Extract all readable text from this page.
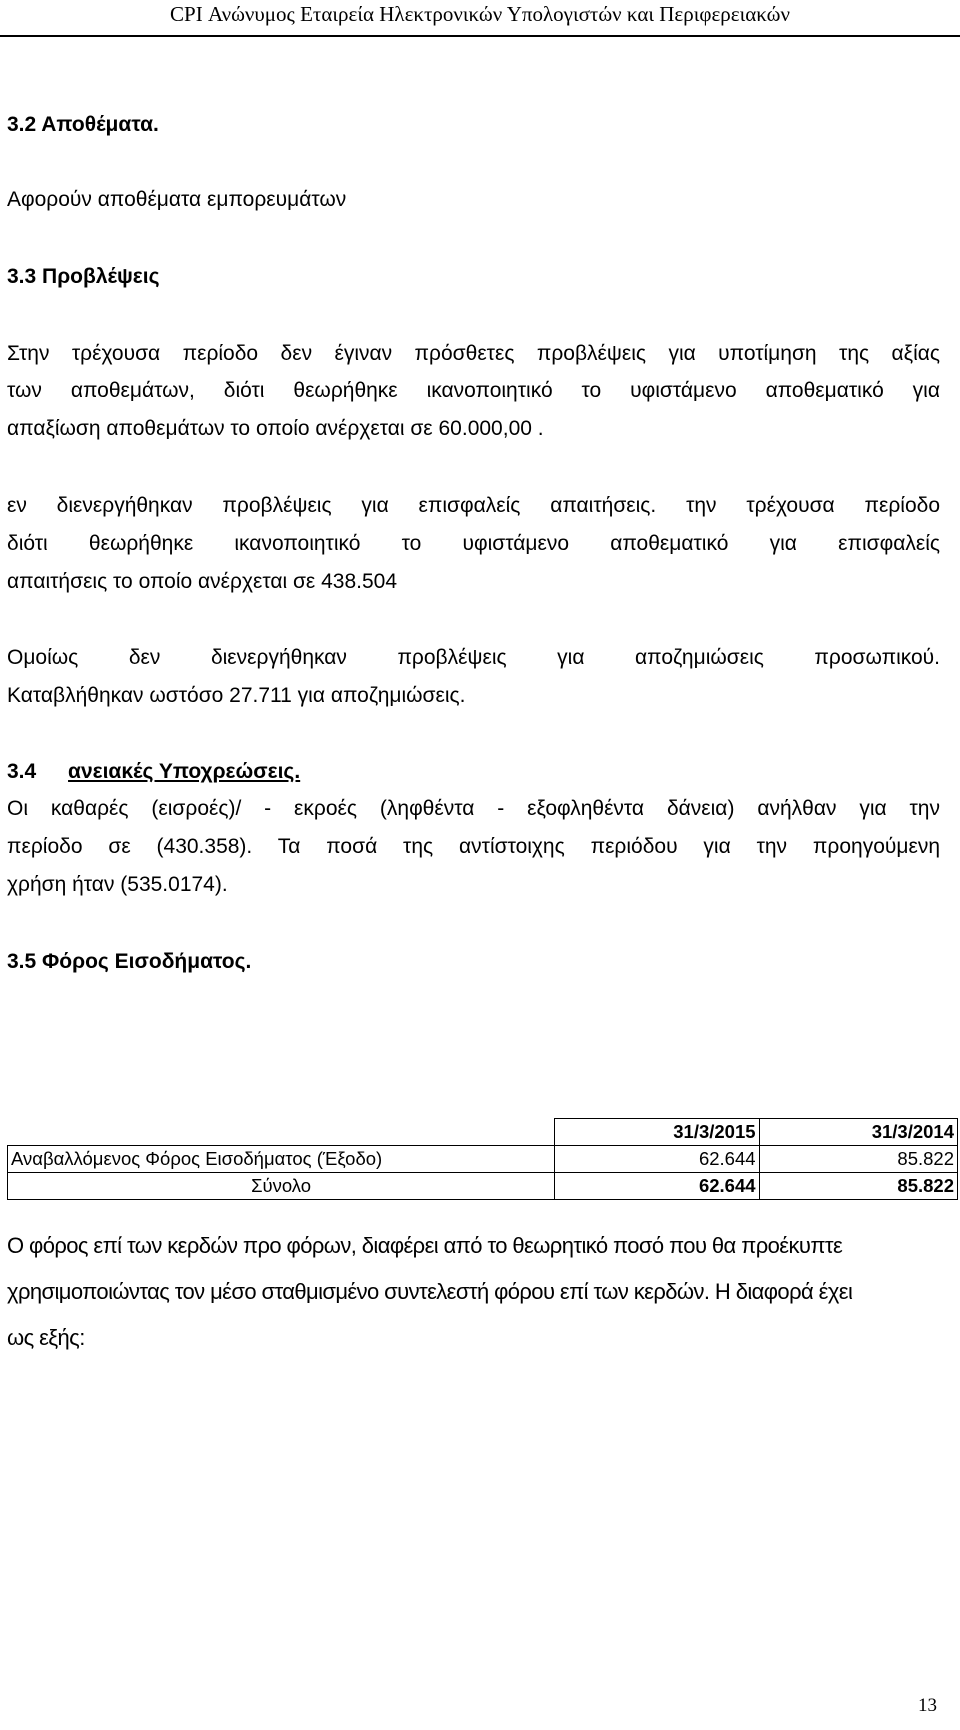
CPI Ανώνυμος Εταιρεία Ηλεκτρονικών Υπολογιστών και Περιφερειακών
3.2 Αποθέματα.
Αφορούν αποθέματα εμπορευμάτων
3.3 Προβλέψεις
Στην τρέχουσα περίοδο δεν έγιναν πρόσθετες προβλέψεις για υποτίμηση της αξίας
των αποθεμάτων, διότι θεωρήθηκε ικανοποιητικό το υφιστάμενο αποθεματικό για
απαξίωση αποθεμάτων το οποίο ανέρχεται σε 60.000,00 .
εν διενεργήθηκαν προβλέψεις για επισφαλείς απαιτήσεις. την τρέχουσα περίοδο
διότι θεωρήθηκε ικανοποιητικό το υφιστάμενο αποθεματικό για επισφαλείς
απαιτήσεις το οποίο ανέρχεται σε 438.504
Ομοίως δεν διενεργήθηκαν προβλέψεις για αποζημιώσεις προσωπικού.
Καταβλήθηκαν ωστόσο 27.711 για αποζημιώσεις.
3.4 ανειακές Υποχρεώσεις.
Οι καθαρές (εισροές)/ - εκροές (ληφθέντα - εξοφληθέντα δάνεια) ανήλθαν για την
περίοδο σε (430.358). Τα ποσά της αντίστοιχης περιόδου για την προηγούμενη
χρήση ήταν (535.0174).
3.5 Φόρος Εισοδήματος.
	31/3/2015	31/3/2014
Αναβαλλόμενος Φόρος Εισοδήματος (Έξοδο)	62.644	85.822
Σύνολο	62.644	85.822
Ο φόρος επί των κερδών προ φόρων, διαφέρει από το θεωρητικό ποσό που θα προέκυπτε
χρησιμοποιώντας τον μέσο σταθμισμένο συντελεστή φόρου επί των κερδών. Η διαφορά έχει
ως εξής:
13
